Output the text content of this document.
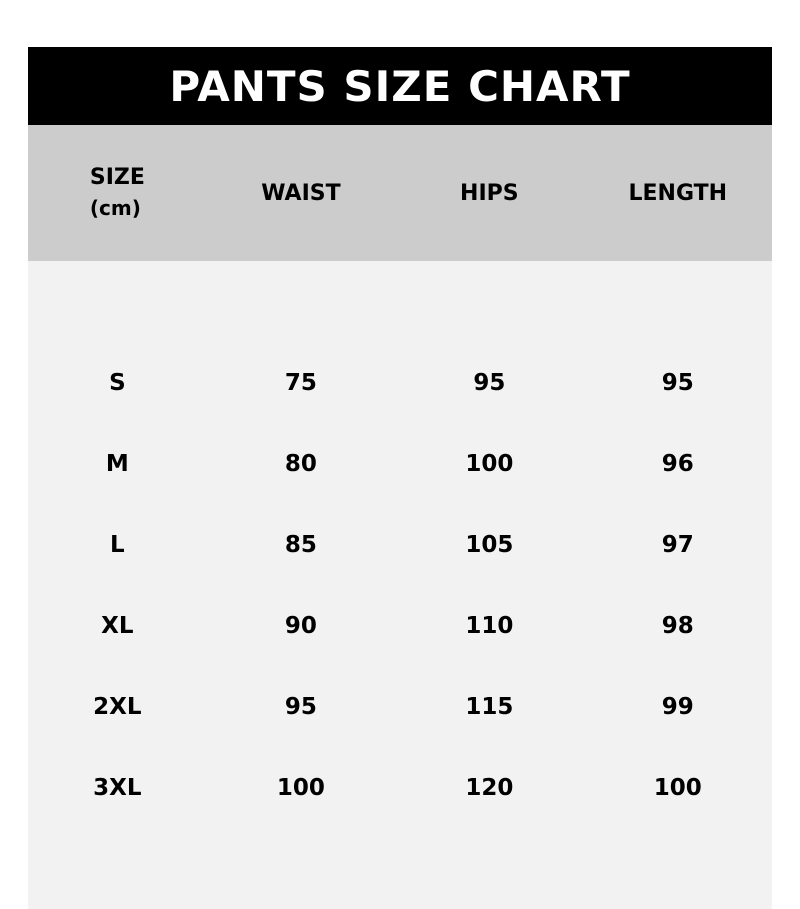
PANTS SIZE CHART
SIZE
(cm)	WAIST	HIPS	LENGTH

S	75	95	95
M	80	100	96
L	85	105	97
XL	90	110	98
2XL	95	115	99
3XL	100	120	100
